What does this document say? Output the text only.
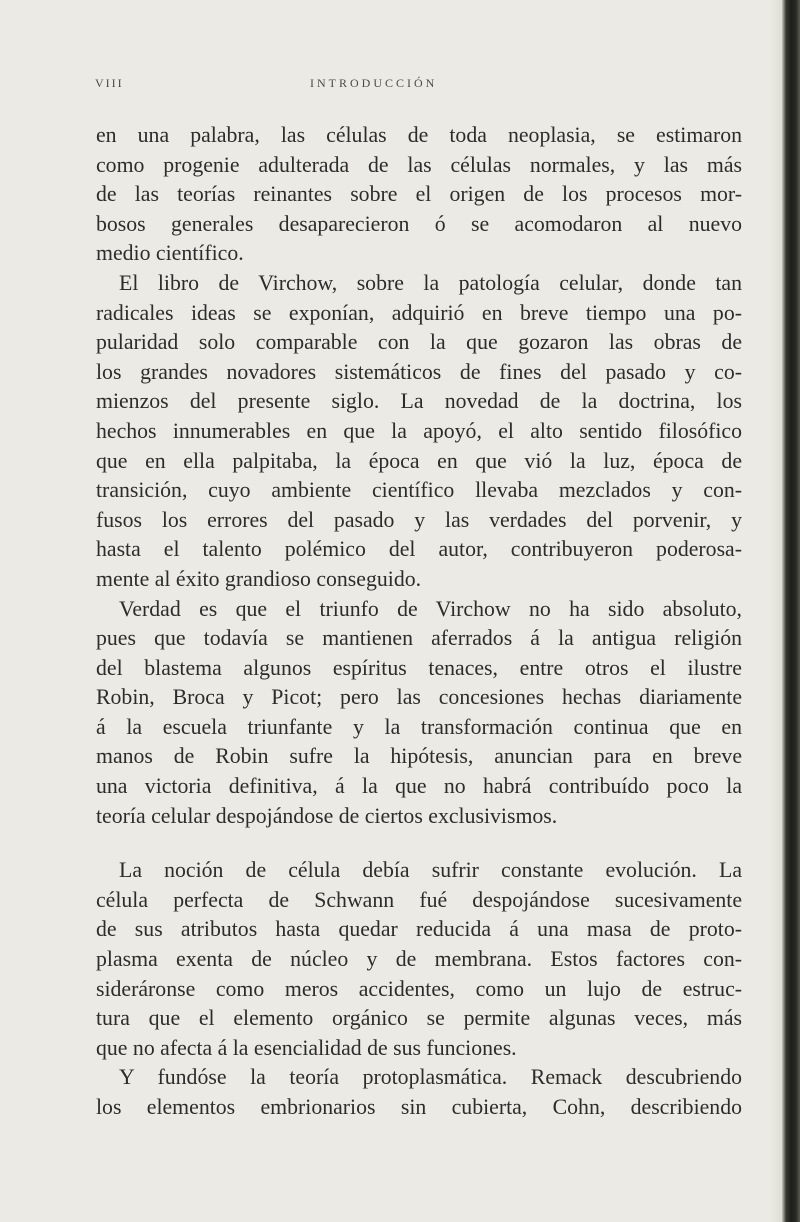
VIII	INTRODUCCIÓN
en una palabra, las células de toda neoplasia, se estimaron
como progenie adulterada de las células normales, y las más
de las teorías reinantes sobre el origen de los procesos mor-
bosos generales desaparecieron ó se acomodaron al nuevo
medio científico.
El libro de Virchow, sobre la patología celular, donde tan
radicales ideas se exponían, adquirió en breve tiempo una po-
pularidad solo comparable con la que gozaron las obras de
los grandes novadores sistemáticos de fines del pasado y co-
mienzos del presente siglo. La novedad de la doctrina, los
hechos innumerables en que la apoyó, el alto sentido filosófico
que en ella palpitaba, la época en que vió la luz, época de
transición, cuyo ambiente científico llevaba mezclados y con-
fusos los errores del pasado y las verdades del porvenir, y
hasta el talento polémico del autor, contribuyeron poderosa-
mente al éxito grandioso conseguido.
Verdad es que el triunfo de Virchow no ha sido absoluto,
pues que todavía se mantienen aferrados á la antigua religión
del blastema algunos espíritus tenaces, entre otros el ilustre
Robin, Broca y Picot; pero las concesiones hechas diariamente
á la escuela triunfante y la transformación continua que en
manos de Robin sufre la hipótesis, anuncian para en breve
una victoria definitiva, á la que no habrá contribuído poco la
teoría celular despojándose de ciertos exclusivismos.
La noción de célula debía sufrir constante evolución. La
célula perfecta de Schwann fué despojándose sucesivamente
de sus atributos hasta quedar reducida á una masa de proto-
plasma exenta de núcleo y de membrana. Estos factores con-
sideráronse como meros accidentes, como un lujo de estruc-
tura que el elemento orgánico se permite algunas veces, más
que no afecta á la esencialidad de sus funciones.
Y fundóse la teoría protoplasmática. Remack descubriendo
los elementos embrionarios sin cubierta, Cohn, describiendo
